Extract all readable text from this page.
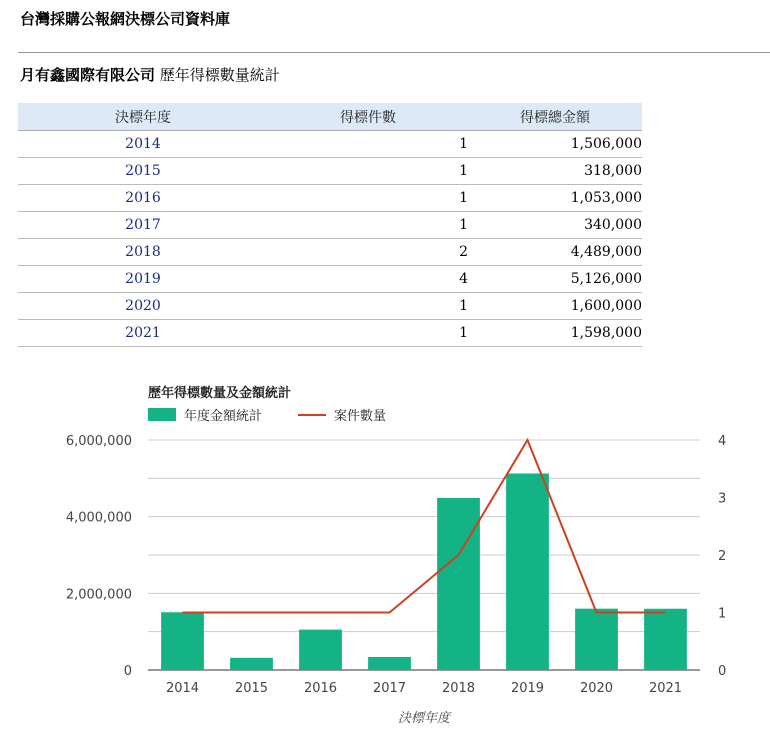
台灣採購公報網決標公司資料庫
月有鑫國際有限公司 歷年得標數量統計
決標年度	得標件數	得標總金額
2014	1	1,506,000
2015	1	318,000
2016	1	1,053,000
2017	1	340,000
2018	2	4,489,000
2019	4	5,126,000
2020	1	1,600,000
2021	1	1,598,000
歷年得標數量及金額統計
年度金額統計	案件數量
0
2,000,000
4,000,000
6,000,000
0
1
2
3
4
2014	2015	2016	2017	2018	2019	2020	2021
決標年度
